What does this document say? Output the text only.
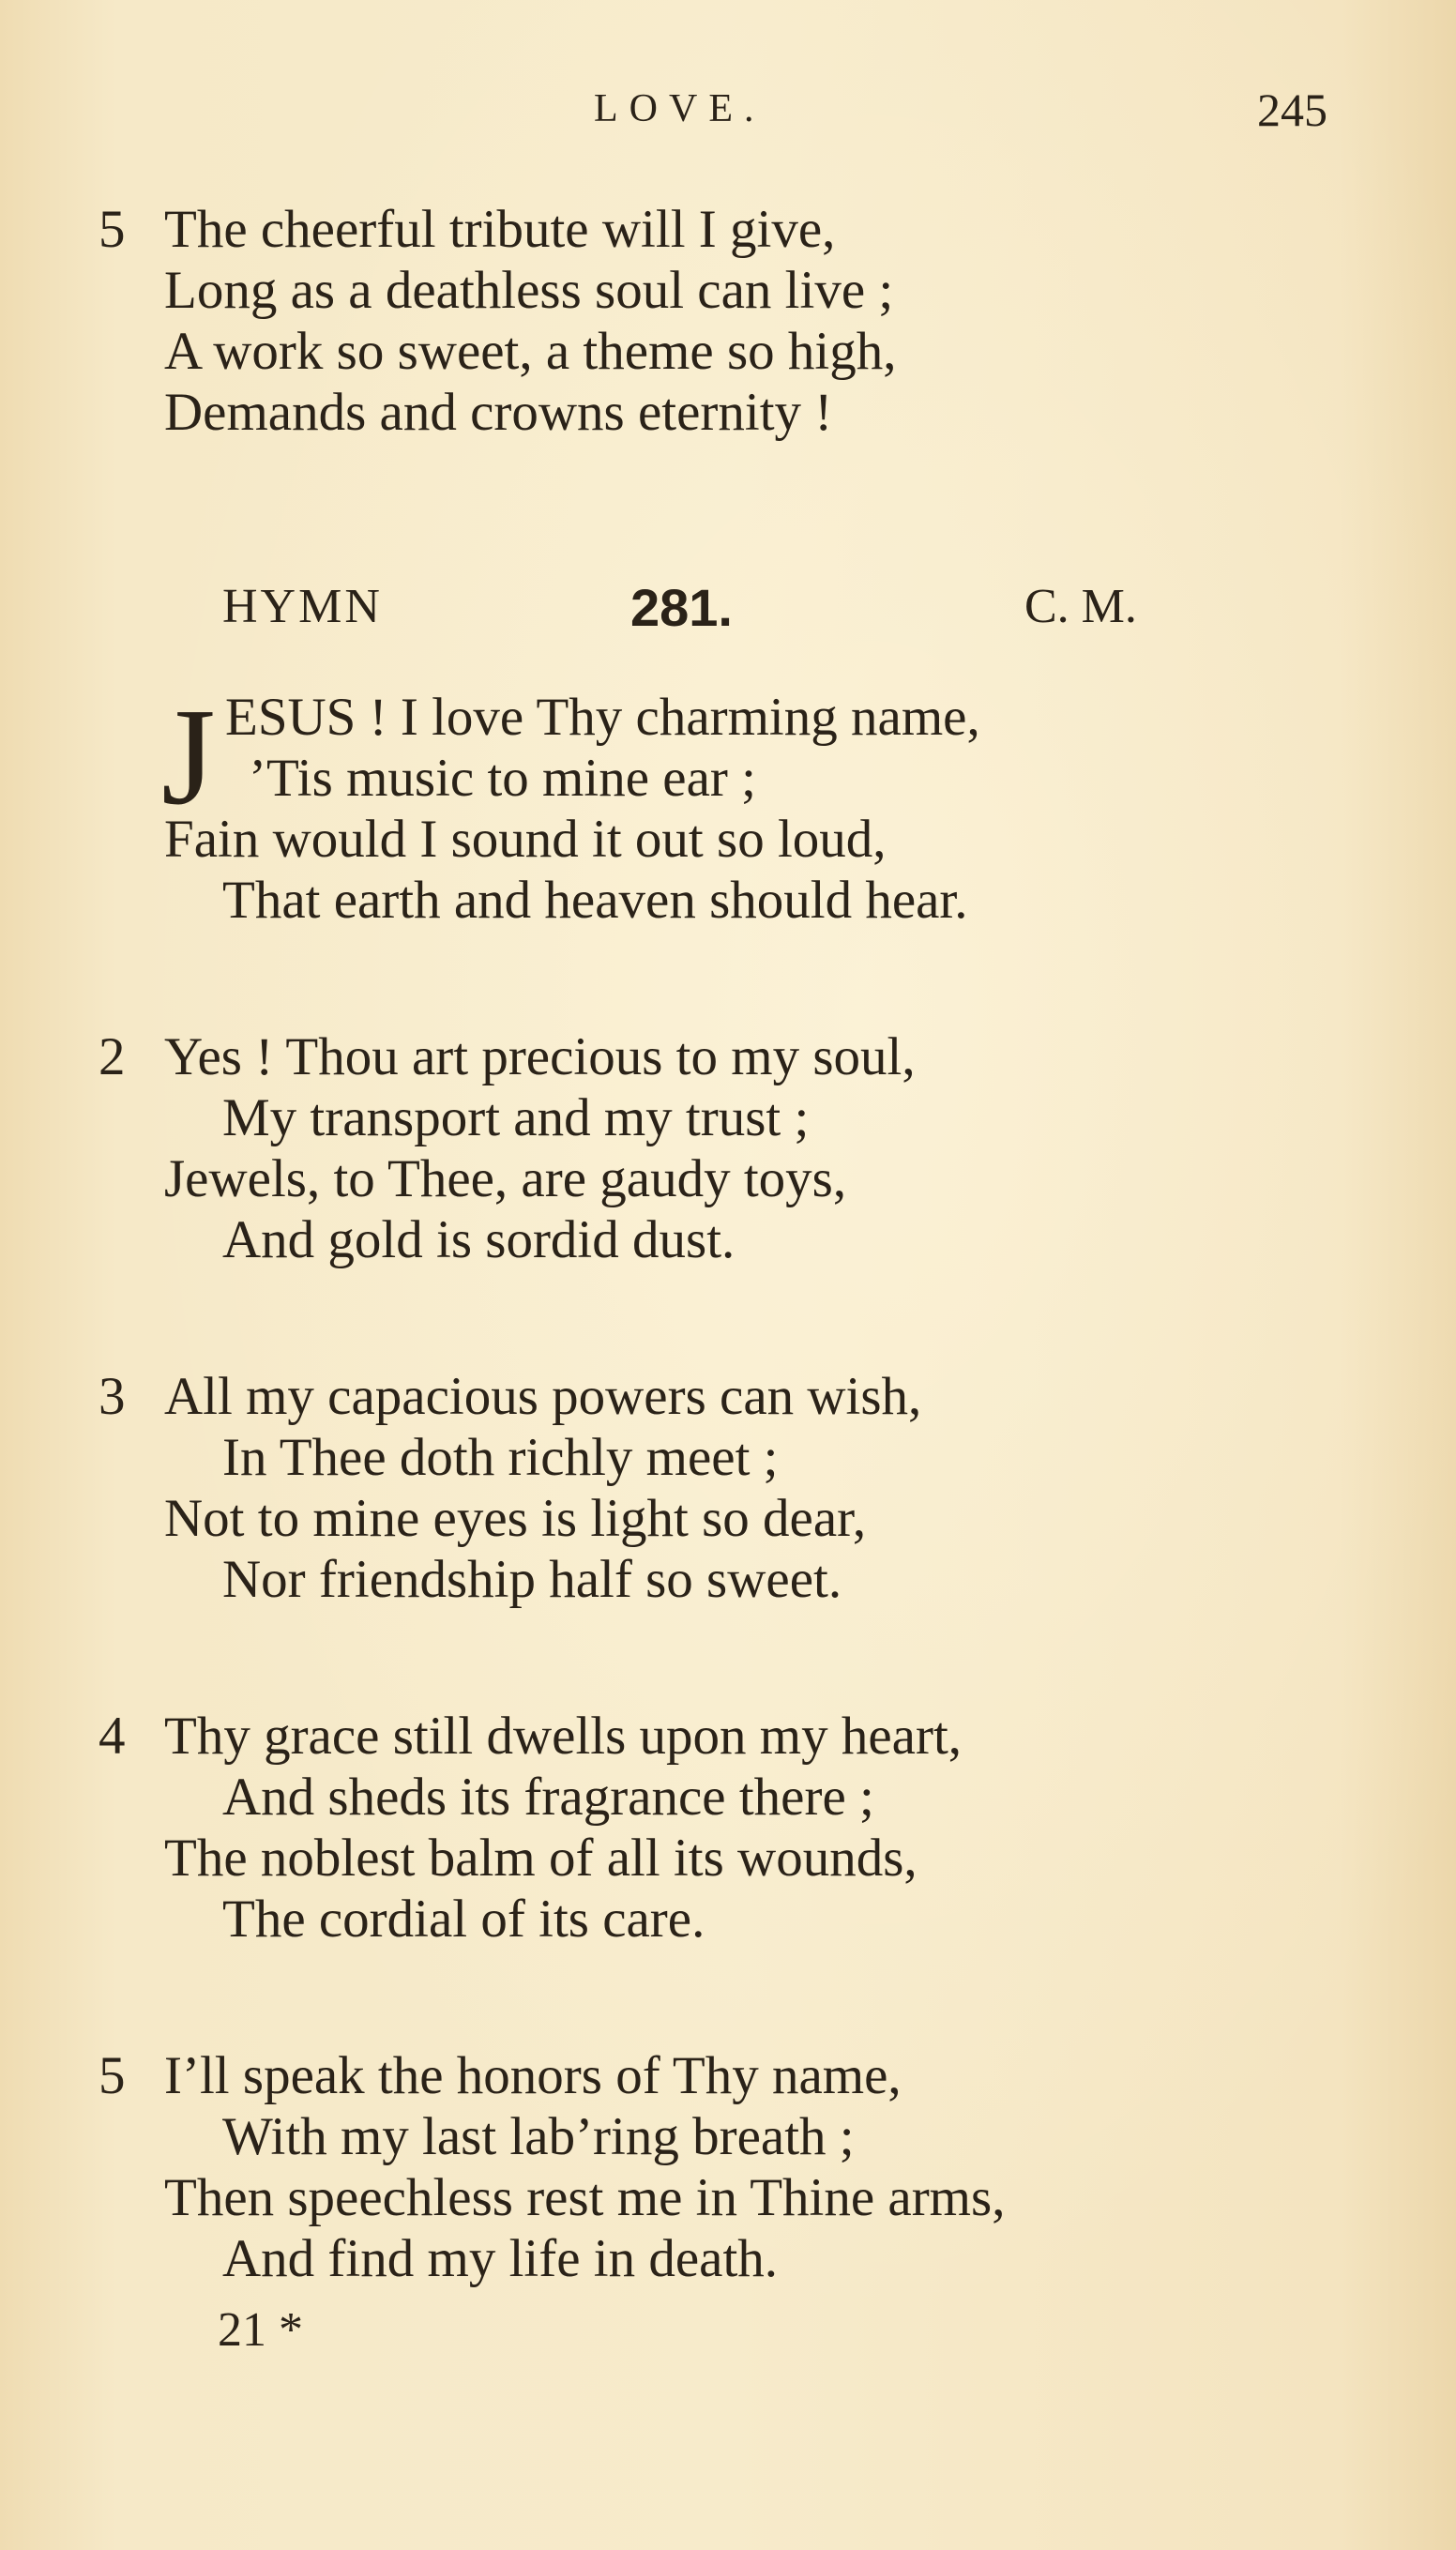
LOVE.	245
5 The cheerful tribute will I give,
Long as a deathless soul can live ;
A work so sweet, a theme so high,
Demands and crowns eternity !
HYMN	281.	C. M.
J ESUS ! I love Thy charming name,
’Tis music to mine ear ;
Fain would I sound it out so loud,
That earth and heaven should hear.
2 Yes ! Thou art precious to my soul,
My transport and my trust ;
Jewels, to Thee, are gaudy toys,
And gold is sordid dust.
3 All my capacious powers can wish,
In Thee doth richly meet ;
Not to mine eyes is light so dear,
Nor friendship half so sweet.
4 Thy grace still dwells upon my heart,
And sheds its fragrance there ;
The noblest balm of all its wounds,
The cordial of its care.
5 I’ll speak the honors of Thy name,
With my last lab’ring breath ;
Then speechless rest me in Thine arms,
And find my life in death.
21 *
